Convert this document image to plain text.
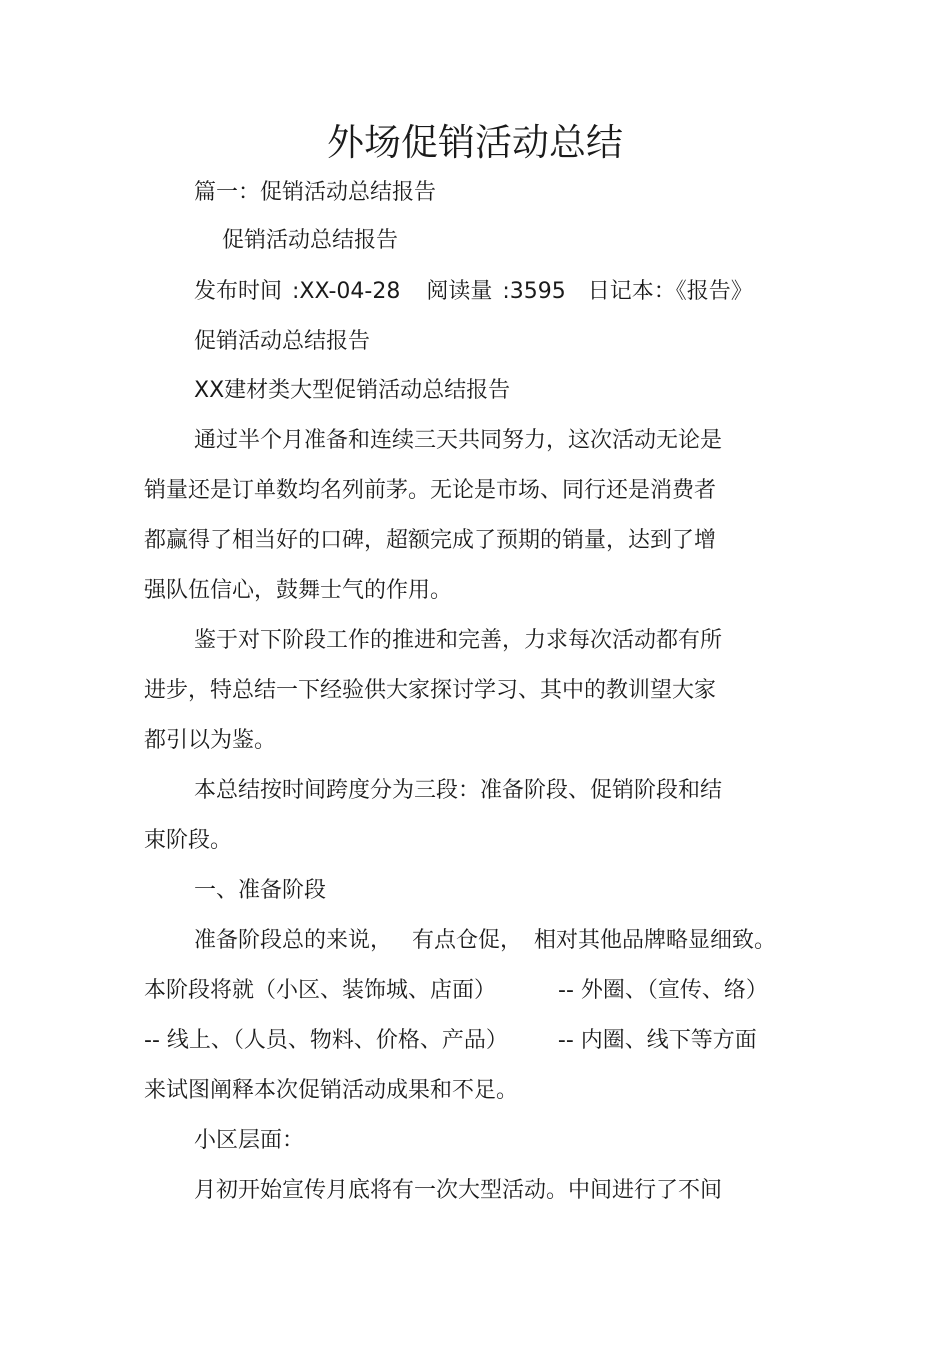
外场促销活动总结
篇一：促销活动总结报告
促销活动总结报告
发布时间 :XX-04-28 阅读量 :3595 日记本：《报告》
促销活动总结报告
XX建材类大型促销活动总结报告
通过半个月准备和连续三天共同努力，这次活动无论是
销量还是订单数均名列前茅。无论是市场、同行还是消费者
都赢得了相当好的口碑，超额完成了预期的销量，达到了增
强队伍信心，鼓舞士气的作用。
鉴于对下阶段工作的推进和完善，力求每次活动都有所
进步，特总结一下经验供大家探讨学习、其中的教训望大家
都引以为鉴。
本总结按时间跨度分为三段：准备阶段、促销阶段和结
束阶段。
一、准备阶段
准备阶段总的来说， 有点仓促， 相对其他品牌略显细致。
本阶段将就（小区、装饰城、店面）	-- 外圈、（宣传、络）
-- 线上、（人员、物料、价格、产品） -- 内圈、线下等方面
来试图阐释本次促销活动成果和不足。
小区层面：
月初开始宣传月底将有一次大型活动。中间进行了不间
